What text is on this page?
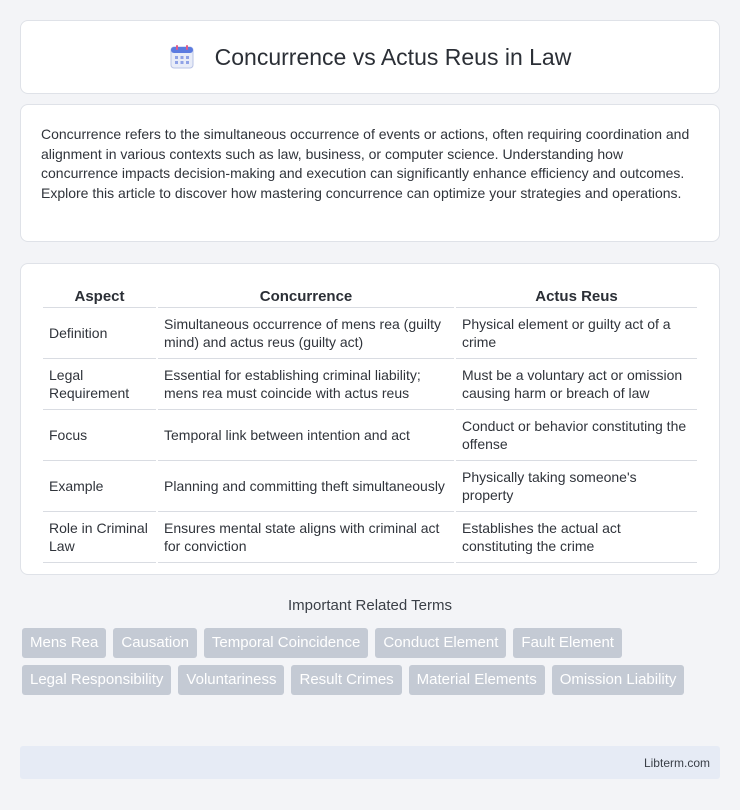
Concurrence vs Actus Reus in Law

Concurrence refers to the simultaneous occurrence of events or actions, often requiring coordination and alignment in various contexts such as law, business, or computer science. Understanding how concurrence impacts decision-making and execution can significantly enhance efficiency and outcomes. Explore this article to discover how mastering concurrence can optimize your strategies and operations.

Aspect	Concurrence	Actus Reus
Definition	Simultaneous occurrence of mens rea (guilty mind) and actus reus (guilty act)	Physical element or guilty act of a crime
Legal Requirement	Essential for establishing criminal liability; mens rea must coincide with actus reus	Must be a voluntary act or omission causing harm or breach of law
Focus	Temporal link between intention and act	Conduct or behavior constituting the offense
Example	Planning and committing theft simultaneously	Physically taking someone's property
Role in Criminal Law	Ensures mental state aligns with criminal act for conviction	Establishes the actual act constituting the crime
Important Related Terms
Mens Rea	Causation	Temporal Coincidence	Conduct Element	Fault Element
Legal Responsibility	Voluntariness	Result Crimes	Material Elements	Omission Liability
Libterm.com
